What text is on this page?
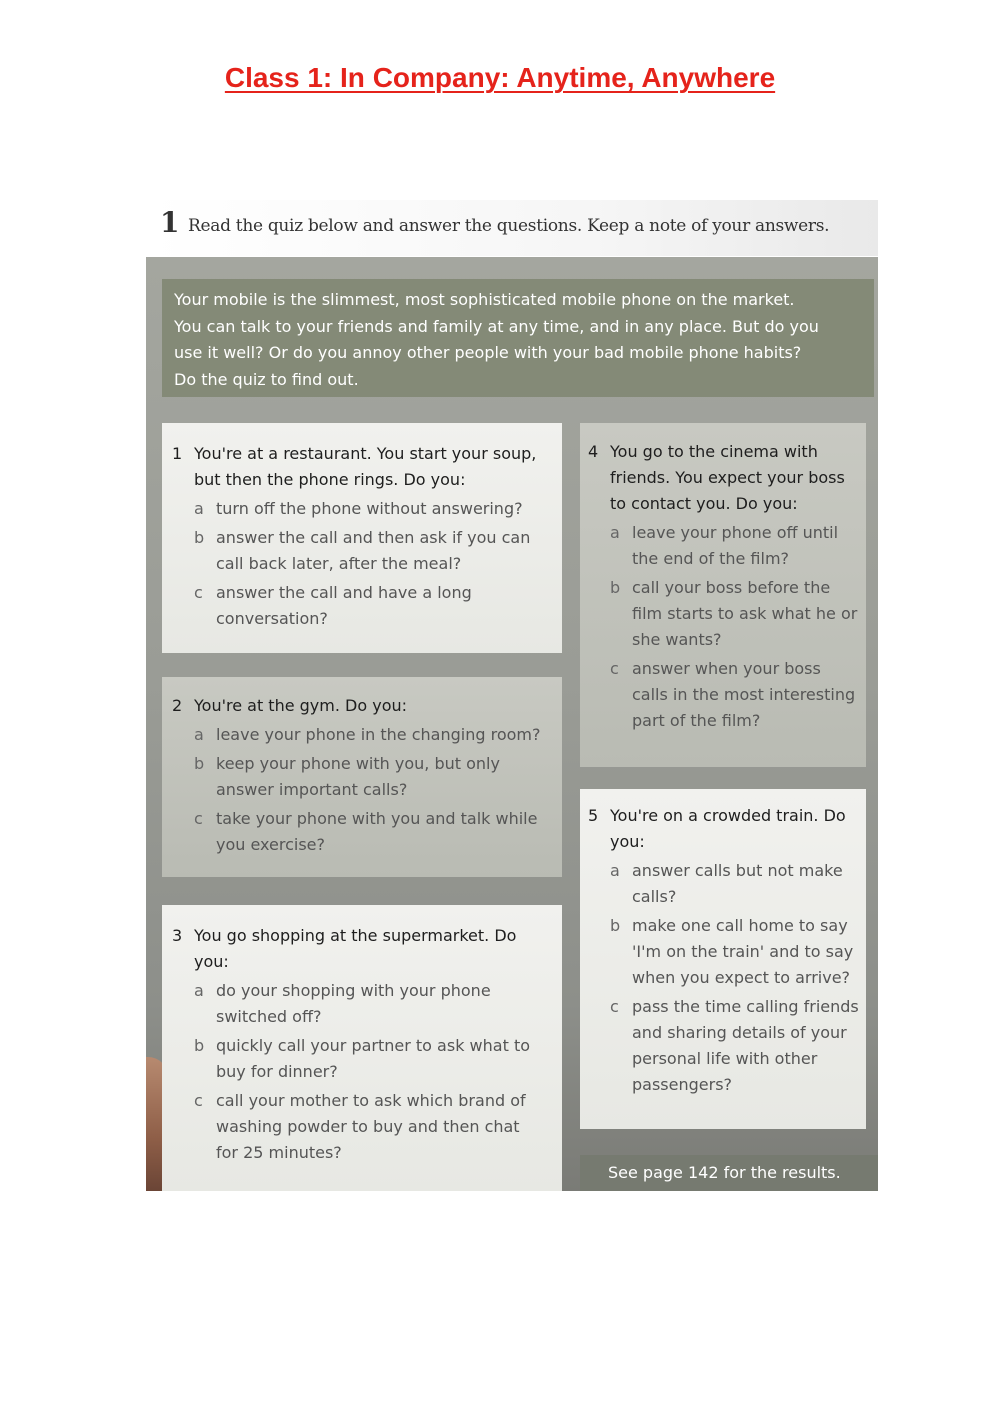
Class 1: In Company: Anytime, Anywhere
1 Read the quiz below and answer the questions. Keep a note of your answers.
Your mobile is the slimmest, most sophisticated mobile phone on the market.
You can talk to your friends and family at any time, and in any place. But do you
use it well? Or do you annoy other people with your bad mobile phone habits?
Do the quiz to find out.
1 You're at a restaurant. You start your soup, but then the phone rings. Do you:
a turn off the phone without answering?
b answer the call and then ask if you can call back later, after the meal?
c answer the call and have a long conversation?
2 You're at the gym. Do you:
a leave your phone in the changing room?
b keep your phone with you, but only answer important calls?
c take your phone with you and talk while you exercise?
3 You go shopping at the supermarket. Do you:
a do your shopping with your phone switched off?
b quickly call your partner to ask what to buy for dinner?
c call your mother to ask which brand of washing powder to buy and then chat for 25 minutes?
4 You go to the cinema with friends. You expect your boss to contact you. Do you:
a leave your phone off until the end of the film?
b call your boss before the film starts to ask what he or she wants?
c answer when your boss calls in the most interesting part of the film?
5 You're on a crowded train. Do you:
a answer calls but not make calls?
b make one call home to say 'I'm on the train' and to say when you expect to arrive?
c pass the time calling friends and sharing details of your personal life with other passengers?
See page 142 for the results.
